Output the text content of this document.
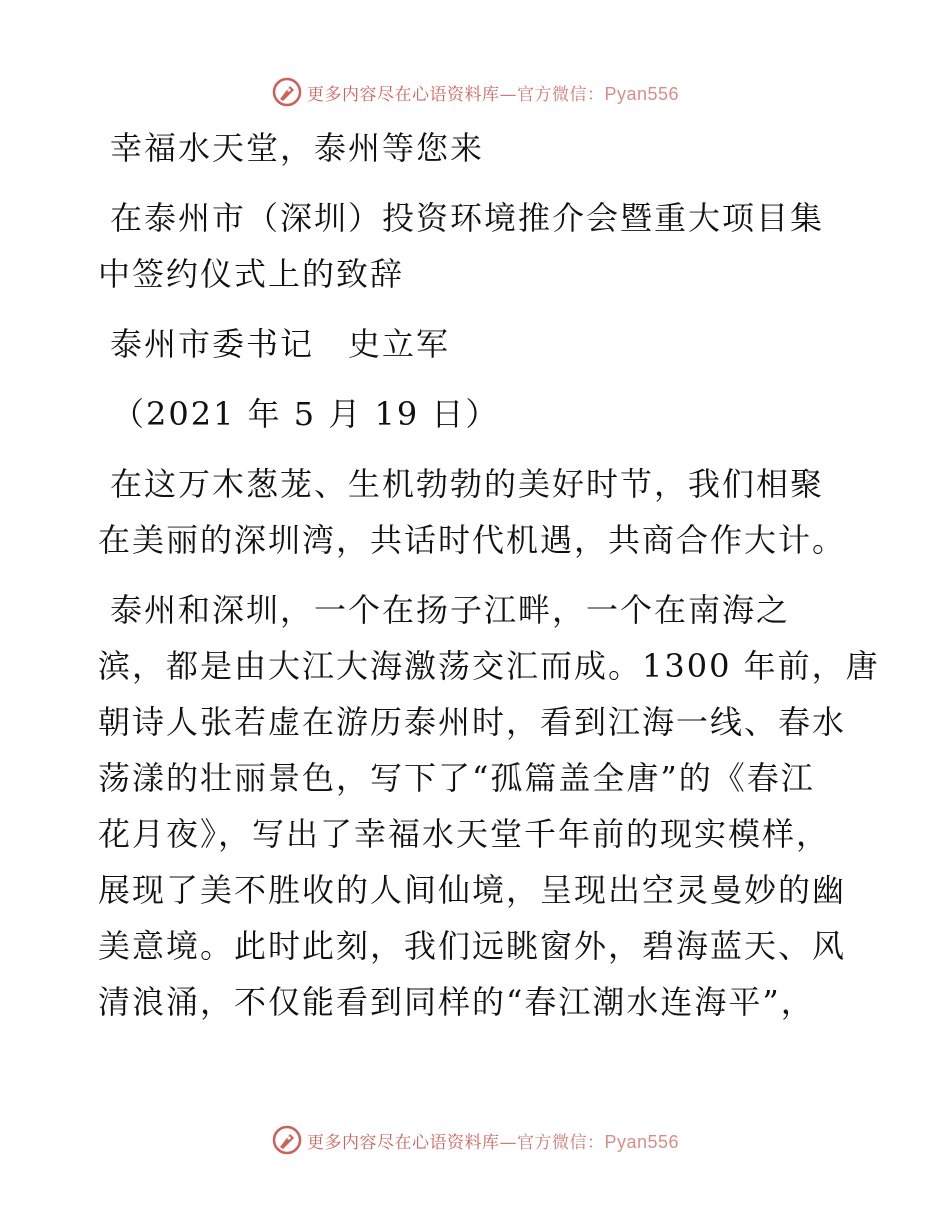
更多内容尽在心语资料库—官方微信：Pyan556

幸福水天堂，泰州等您来

在泰州市（深圳）投资环境推介会暨重大项目集

中签约仪式上的致辞

泰州市委书记　史立军

（2021 年 5 月 19 日）

在这万木葱茏、生机勃勃的美好时节，我们相聚

在美丽的深圳湾，共话时代机遇，共商合作大计。

泰州和深圳，一个在扬子江畔，一个在南海之

滨，都是由大江大海激荡交汇而成。1300 年前，唐

朝诗人张若虚在游历泰州时，看到江海一线、春水

荡漾的壮丽景色，写下了“孤篇盖全唐”的《春江

花月夜》，写出了幸福水天堂千年前的现实模样，

展现了美不胜收的人间仙境，呈现出空灵曼妙的幽

美意境。此时此刻，我们远眺窗外，碧海蓝天、风

清浪涌，不仅能看到同样的“春江潮水连海平”，

更多内容尽在心语资料库—官方微信：Pyan556
